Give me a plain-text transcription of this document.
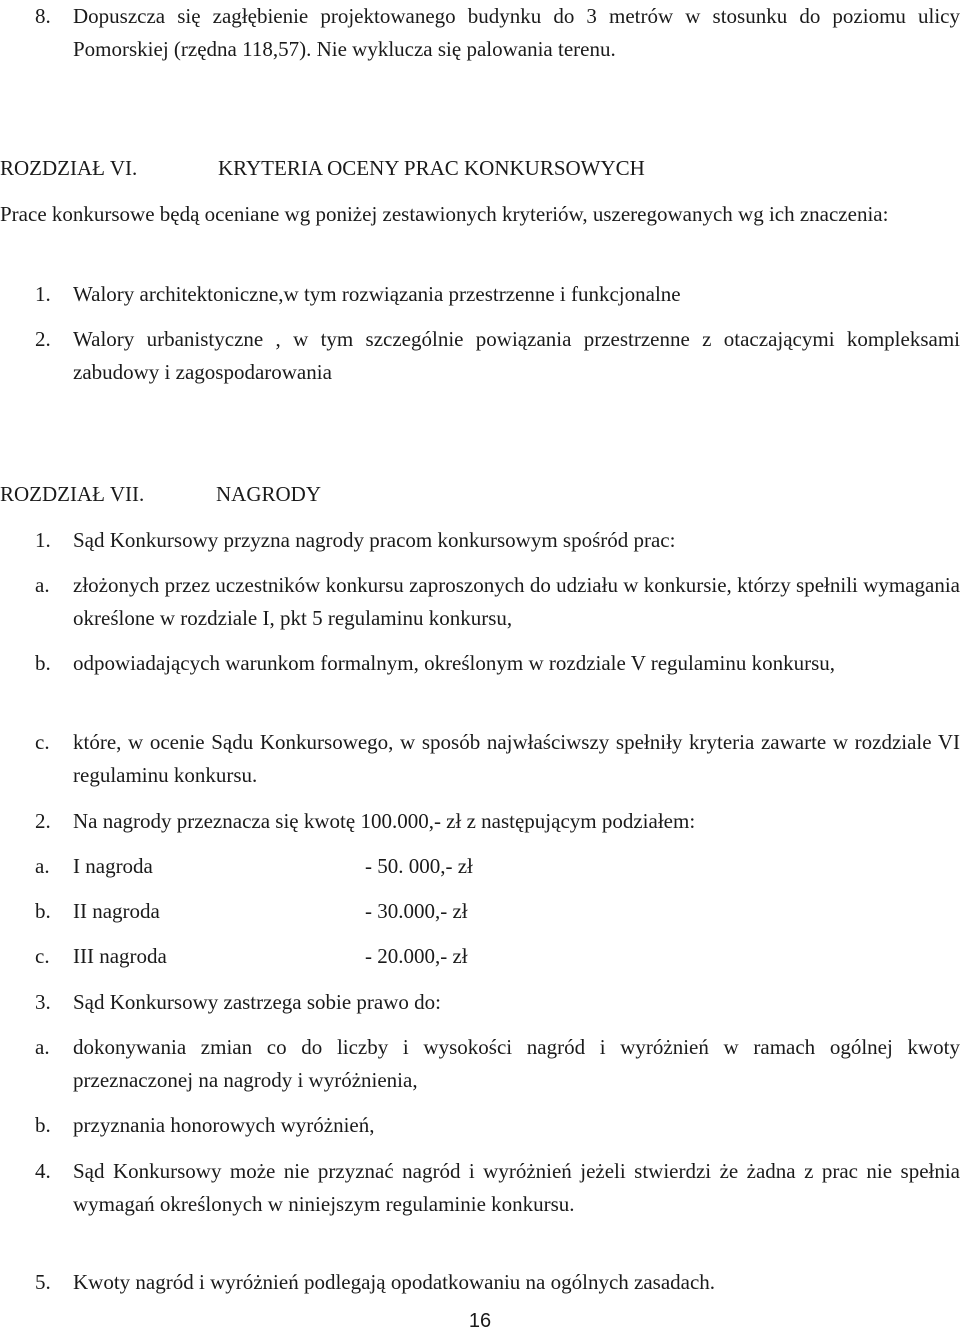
8.	Dopuszcza się zagłębienie projektowanego budynku do 3 metrów w stosunku do poziomu ulicy Pomorskiej (rzędna 118,57). Nie wyklucza się palowania terenu.
ROZDZIAŁ VI.	KRYTERIA OCENY PRAC KONKURSOWYCH
Prace konkursowe będą oceniane wg poniżej zestawionych kryteriów, uszeregowanych wg ich znaczenia:
1.	Walory architektoniczne,w tym rozwiązania przestrzenne i funkcjonalne
2.	Walory urbanistyczne , w tym szczególnie powiązania przestrzenne z otaczającymi kompleksami zabudowy i zagospodarowania
ROZDZIAŁ VII.	NAGRODY
1.	Sąd Konkursowy przyzna nagrody pracom konkursowym spośród prac:
a.	złożonych przez uczestników konkursu zaproszonych do udziału w konkursie, którzy spełnili wymagania określone w rozdziale I, pkt 5 regulaminu konkursu,
b.	odpowiadających warunkom formalnym, określonym w rozdziale V regulaminu konkursu,
c.	które, w ocenie Sądu Konkursowego, w sposób najwłaściwszy spełniły kryteria zawarte w rozdziale VI regulaminu konkursu.
2.	Na nagrody przeznacza się kwotę 100.000,- zł z następującym podziałem:
a. I nagroda	- 50. 000,- zł
b. II nagroda	- 30.000,- zł
c. III nagroda	- 20.000,- zł
3.	Sąd Konkursowy zastrzega sobie prawo do:
a.	dokonywania zmian co do liczby i wysokości nagród i wyróżnień w ramach ogólnej kwoty przeznaczonej na nagrody i wyróżnienia,
b.	przyznania honorowych wyróżnień,
4.	Sąd Konkursowy może nie przyznać nagród i wyróżnień jeżeli stwierdzi że żadna z prac nie spełnia wymagań określonych w niniejszym regulaminie konkursu.
5.	Kwoty nagród i wyróżnień podlegają opodatkowaniu na ogólnych zasadach.
16
